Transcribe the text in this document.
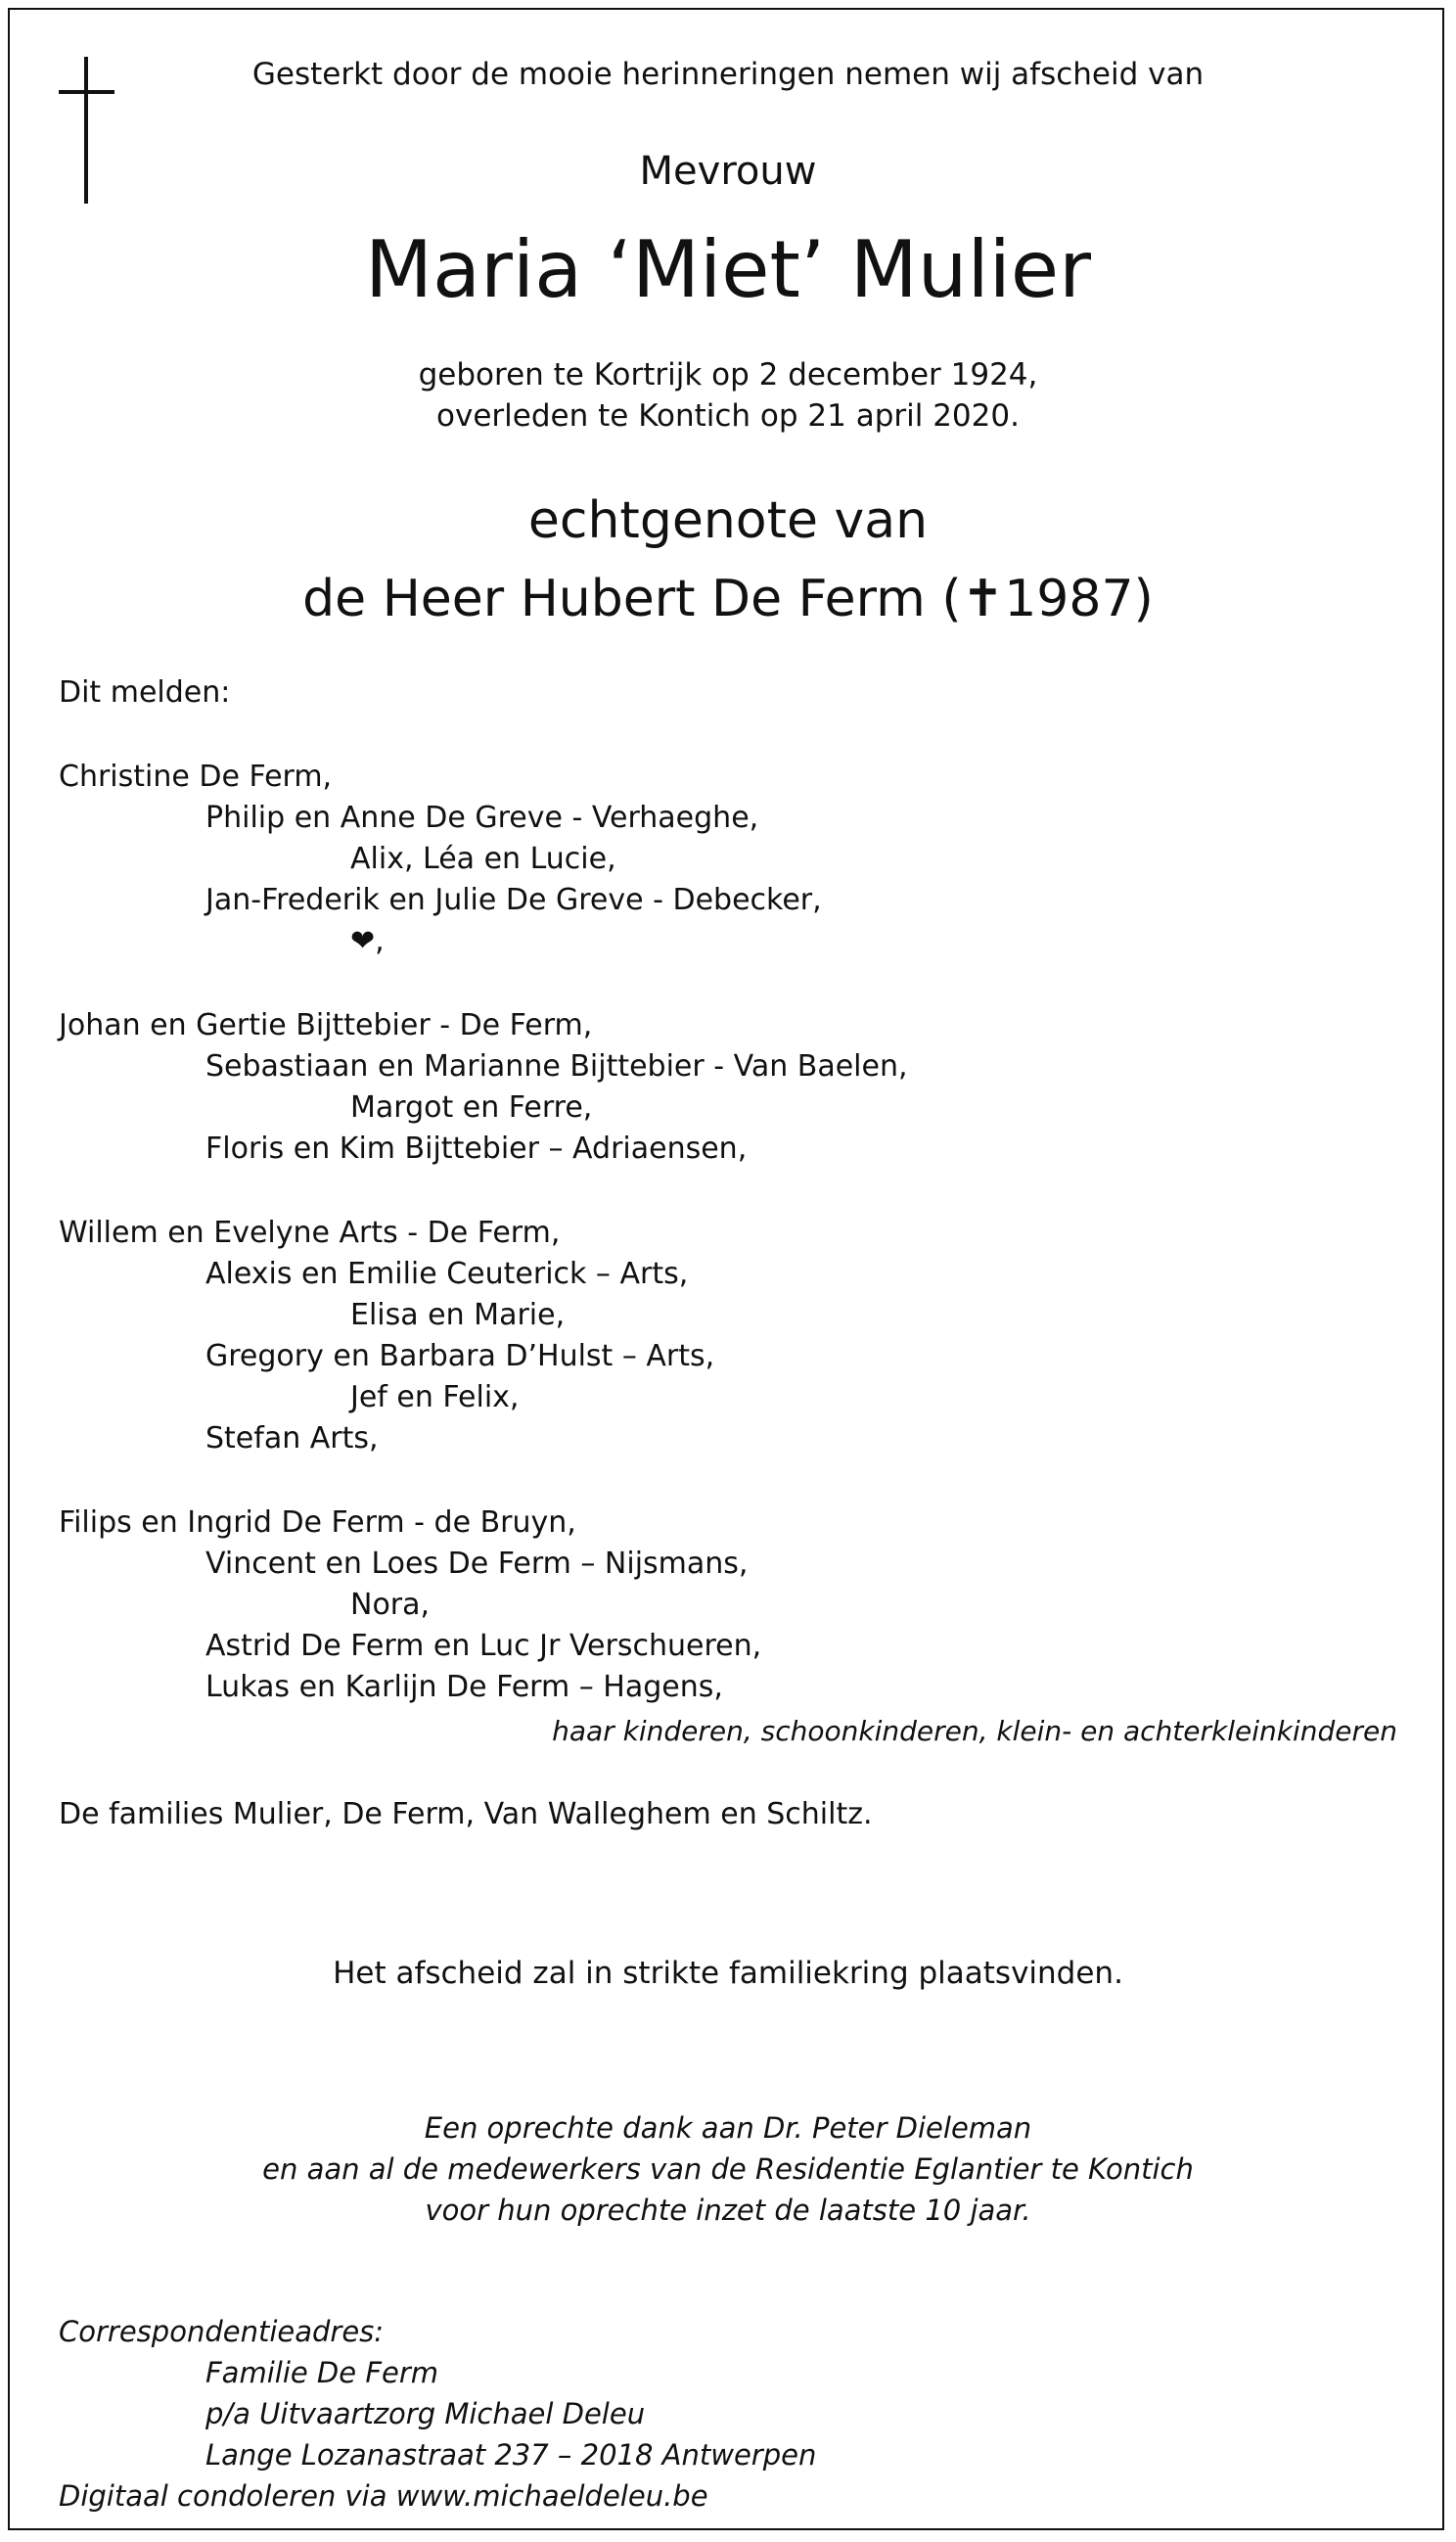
Gesterkt door de mooie herinneringen nemen wij afscheid van
Mevrouw
Maria ‘Miet’ Mulier
geboren te Kortrijk op 2 december 1924,
overleden te Kontich op 21 april 2020.
echtgenote van
de Heer Hubert De Ferm (✝1987)
Dit melden:
Christine De Ferm,
Philip en Anne De Greve - Verhaeghe,
Alix, Léa en Lucie,
Jan-Frederik en Julie De Greve - Debecker,
❤,
Johan en Gertie Bijttebier - De Ferm,
Sebastiaan en Marianne Bijttebier - Van Baelen,
Margot en Ferre,
Floris en Kim Bijttebier – Adriaensen,
Willem en Evelyne Arts - De Ferm,
Alexis en Emilie Ceuterick – Arts,
Elisa en Marie,
Gregory en Barbara D’Hulst – Arts,
Jef en Felix,
Stefan Arts,
Filips en Ingrid De Ferm - de Bruyn,
Vincent en Loes De Ferm – Nijsmans,
Nora,
Astrid De Ferm en Luc Jr Verschueren,
Lukas en Karlijn De Ferm – Hagens,
haar kinderen, schoonkinderen, klein- en achterkleinkinderen
De families Mulier, De Ferm, Van Walleghem en Schiltz.
Het afscheid zal in strikte familiekring plaatsvinden.
Een oprechte dank aan Dr. Peter Dieleman
en aan al de medewerkers van de Residentie Eglantier te Kontich
voor hun oprechte inzet de laatste 10 jaar.
Correspondentieadres:
Familie De Ferm
p/a Uitvaartzorg Michael Deleu
Lange Lozanastraat 237 – 2018 Antwerpen
Digitaal condoleren via www.michaeldeleu.be
